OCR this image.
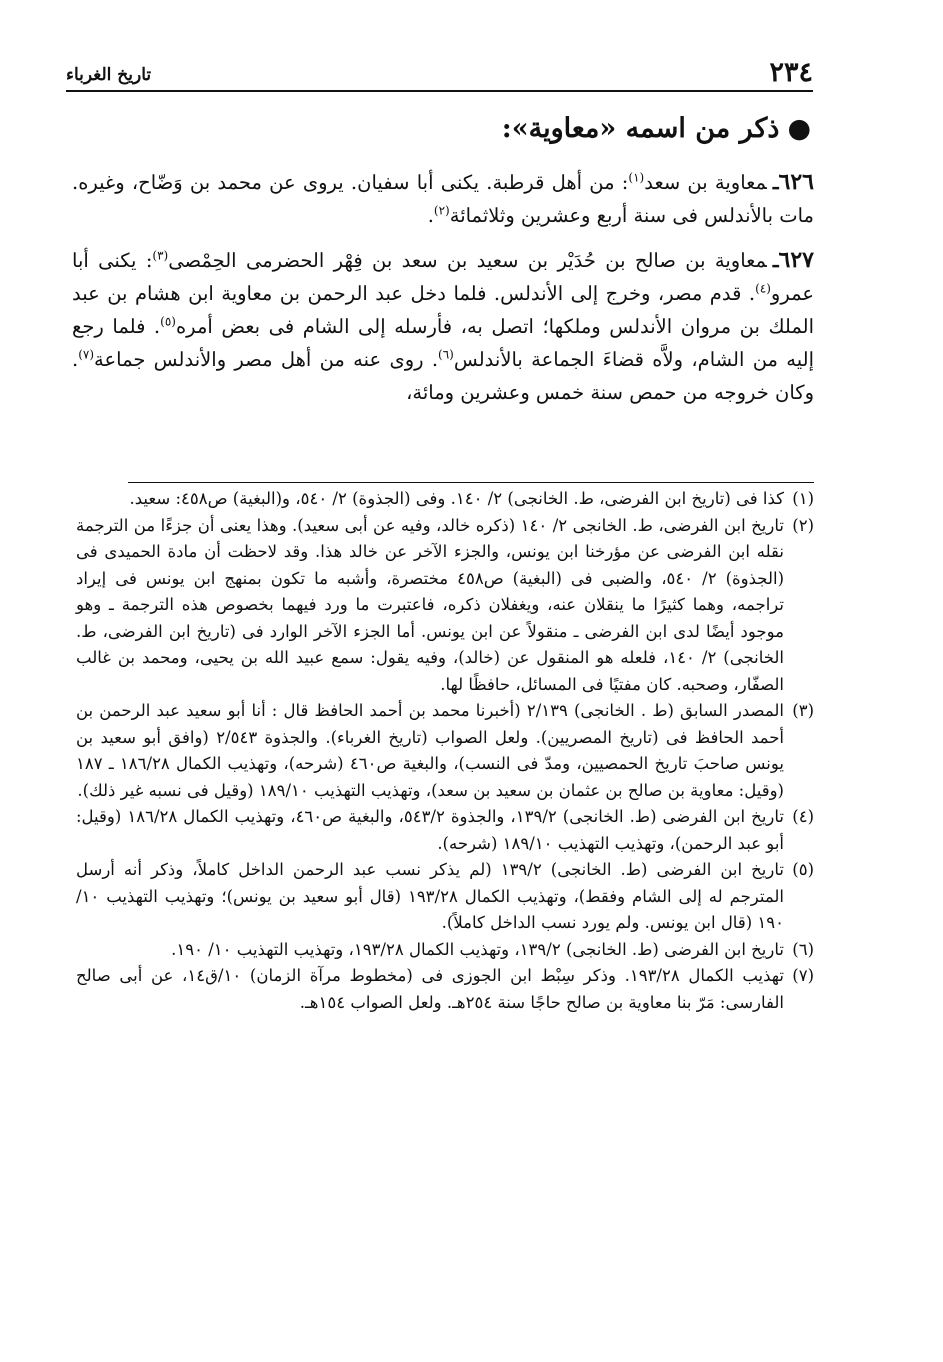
٢٣٤
تاريخ الغرباء
●ذكر من اسمه «معاوية»:

٦٢٦ـمعاوية بن سعد$^{(١)}$: من أهل قرطبة. يكنى أبا سفيان. يروى عن محمد بن وَضّاح، وغيره. مات بالأندلس فى سنة أربع وعشرين وثلاثمائة$^{(٢)}$.

٦٢٧ـمعاوية بن صالح بن حُدَيْر بن سعيد بن سعد بن فِهْر الحضرمى الحِمْصى$^{(٣)}$: يكنى أبا عمرو$^{(٤)}$. قدم مصر، وخرج إلى الأندلس. فلما دخل عبد الرحمن بن معاوية ابن هشام بن عبد الملك بن مروان الأندلس وملكها؛ اتصل به، فأرسله إلى الشام فى بعض أمره$^{(٥)}$. فلما رجع إليه من الشام، ولاَّه قضاءَ الجماعة بالأندلس$^{(٦)}$. روى عنه من أهل مصر والأندلس جماعة$^{(٧)}$. وكان خروجه من حمص سنة خمس وعشرين ومائة،

(١)
كذا فى (تاريخ ابن الفرضى، ط. الخانجى) ٢/ ١٤٠. وفى (الجذوة) ٢/ ٥٤٠، و(البغية) ص٤٥٨: سعيد.
(٢)
تاريخ ابن الفرضى، ط. الخانجى ٢/ ١٤٠ (ذكره خالد، وفيه عن أبى سعيد). وهذا يعنى أن جزءًا من الترجمة نقله ابن الفرضى عن مؤرخنا ابن يونس، والجزء الآخر عن خالد هذا. وقد لاحظت أن مادة الحميدى فى (الجذوة) ٢/ ٥٤٠، والضبى فى (البغية) ص٤٥٨ مختصرة، وأشبه ما تكون بمنهج ابن يونس فى إيراد تراجمه، وهما كثيرًا ما ينقلان عنه، ويغفلان ذكره، فاعتبرت ما ورد فيهما بخصوص هذه الترجمة ـ وهو موجود أيضًا لدى ابن الفرضى ـ منقولاً عن ابن يونس. أما الجزء الآخر الوارد فى (تاريخ ابن الفرضى، ط. الخانجى) ٢/ ١٤٠، فلعله هو المنقول عن (خالد)، وفيه يقول: سمع عبيد الله بن يحيى، ومحمد بن غالب الصفّار، وصحبه. كان مفتيًا فى المسائل، حافظًا لها.
(٣)
المصدر السابق (ط . الخانجى) ٢/١٣٩ (أخبرنا محمد بن أحمد الحافظ قال : أنا أبو سعيد عبد الرحمن بن أحمد الحافظ فى (تاريخ المصريين). ولعل الصواب (تاريخ الغرباء). والجذوة ٢/٥٤٣ (وافق أبو سعيد بن يونس صاحبَ تاريخ الحمصيين، ومدّ فى النسب)، والبغية ص٤٦٠ (شرحه)، وتهذيب الكمال ١٨٦/٢٨ ـ ١٨٧ (وقيل: معاوية بن صالح بن عثمان بن سعيد بن سعد)، وتهذيب التهذيب ١٨٩/١٠ (وقيل فى نسبه غير ذلك).
(٤)
تاريخ ابن الفرضى (ط. الخانجى) ١٣٩/٢، والجذوة ٥٤٣/٢، والبغية ص٤٦٠، وتهذيب الكمال ١٨٦/٢٨ (وقيل: أبو عبد الرحمن)، وتهذيب التهذيب ١٨٩/١٠ (شرحه).
(٥)
تاريخ ابن الفرضى (ط. الخانجى) ١٣٩/٢ (لم يذكر نسب عبد الرحمن الداخل كاملاً، وذكر أنه أرسل المترجم له إلى الشام وفقط)، وتهذيب الكمال ١٩٣/٢٨ (قال أبو سعيد بن يونس)؛ وتهذيب التهذيب ١٠/ ١٩٠ (قال ابن يونس. ولم يورد نسب الداخل كاملاً).
(٦)
تاريخ ابن الفرضى (ط. الخانجى) ١٣٩/٢، وتهذيب الكمال ١٩٣/٢٨، وتهذيب التهذيب ١٠/ ١٩٠.
(٧)
تهذيب الكمال ١٩٣/٢٨. وذكر سِبْط ابن الجوزى فى (مخطوط مرآة الزمان) ١٠/ق١٤، عن أبى صالح الفارسى: مَرّ بنا معاوية بن صالح حاجًا سنة ٢٥٤هـ. ولعل الصواب ١٥٤هـ.
